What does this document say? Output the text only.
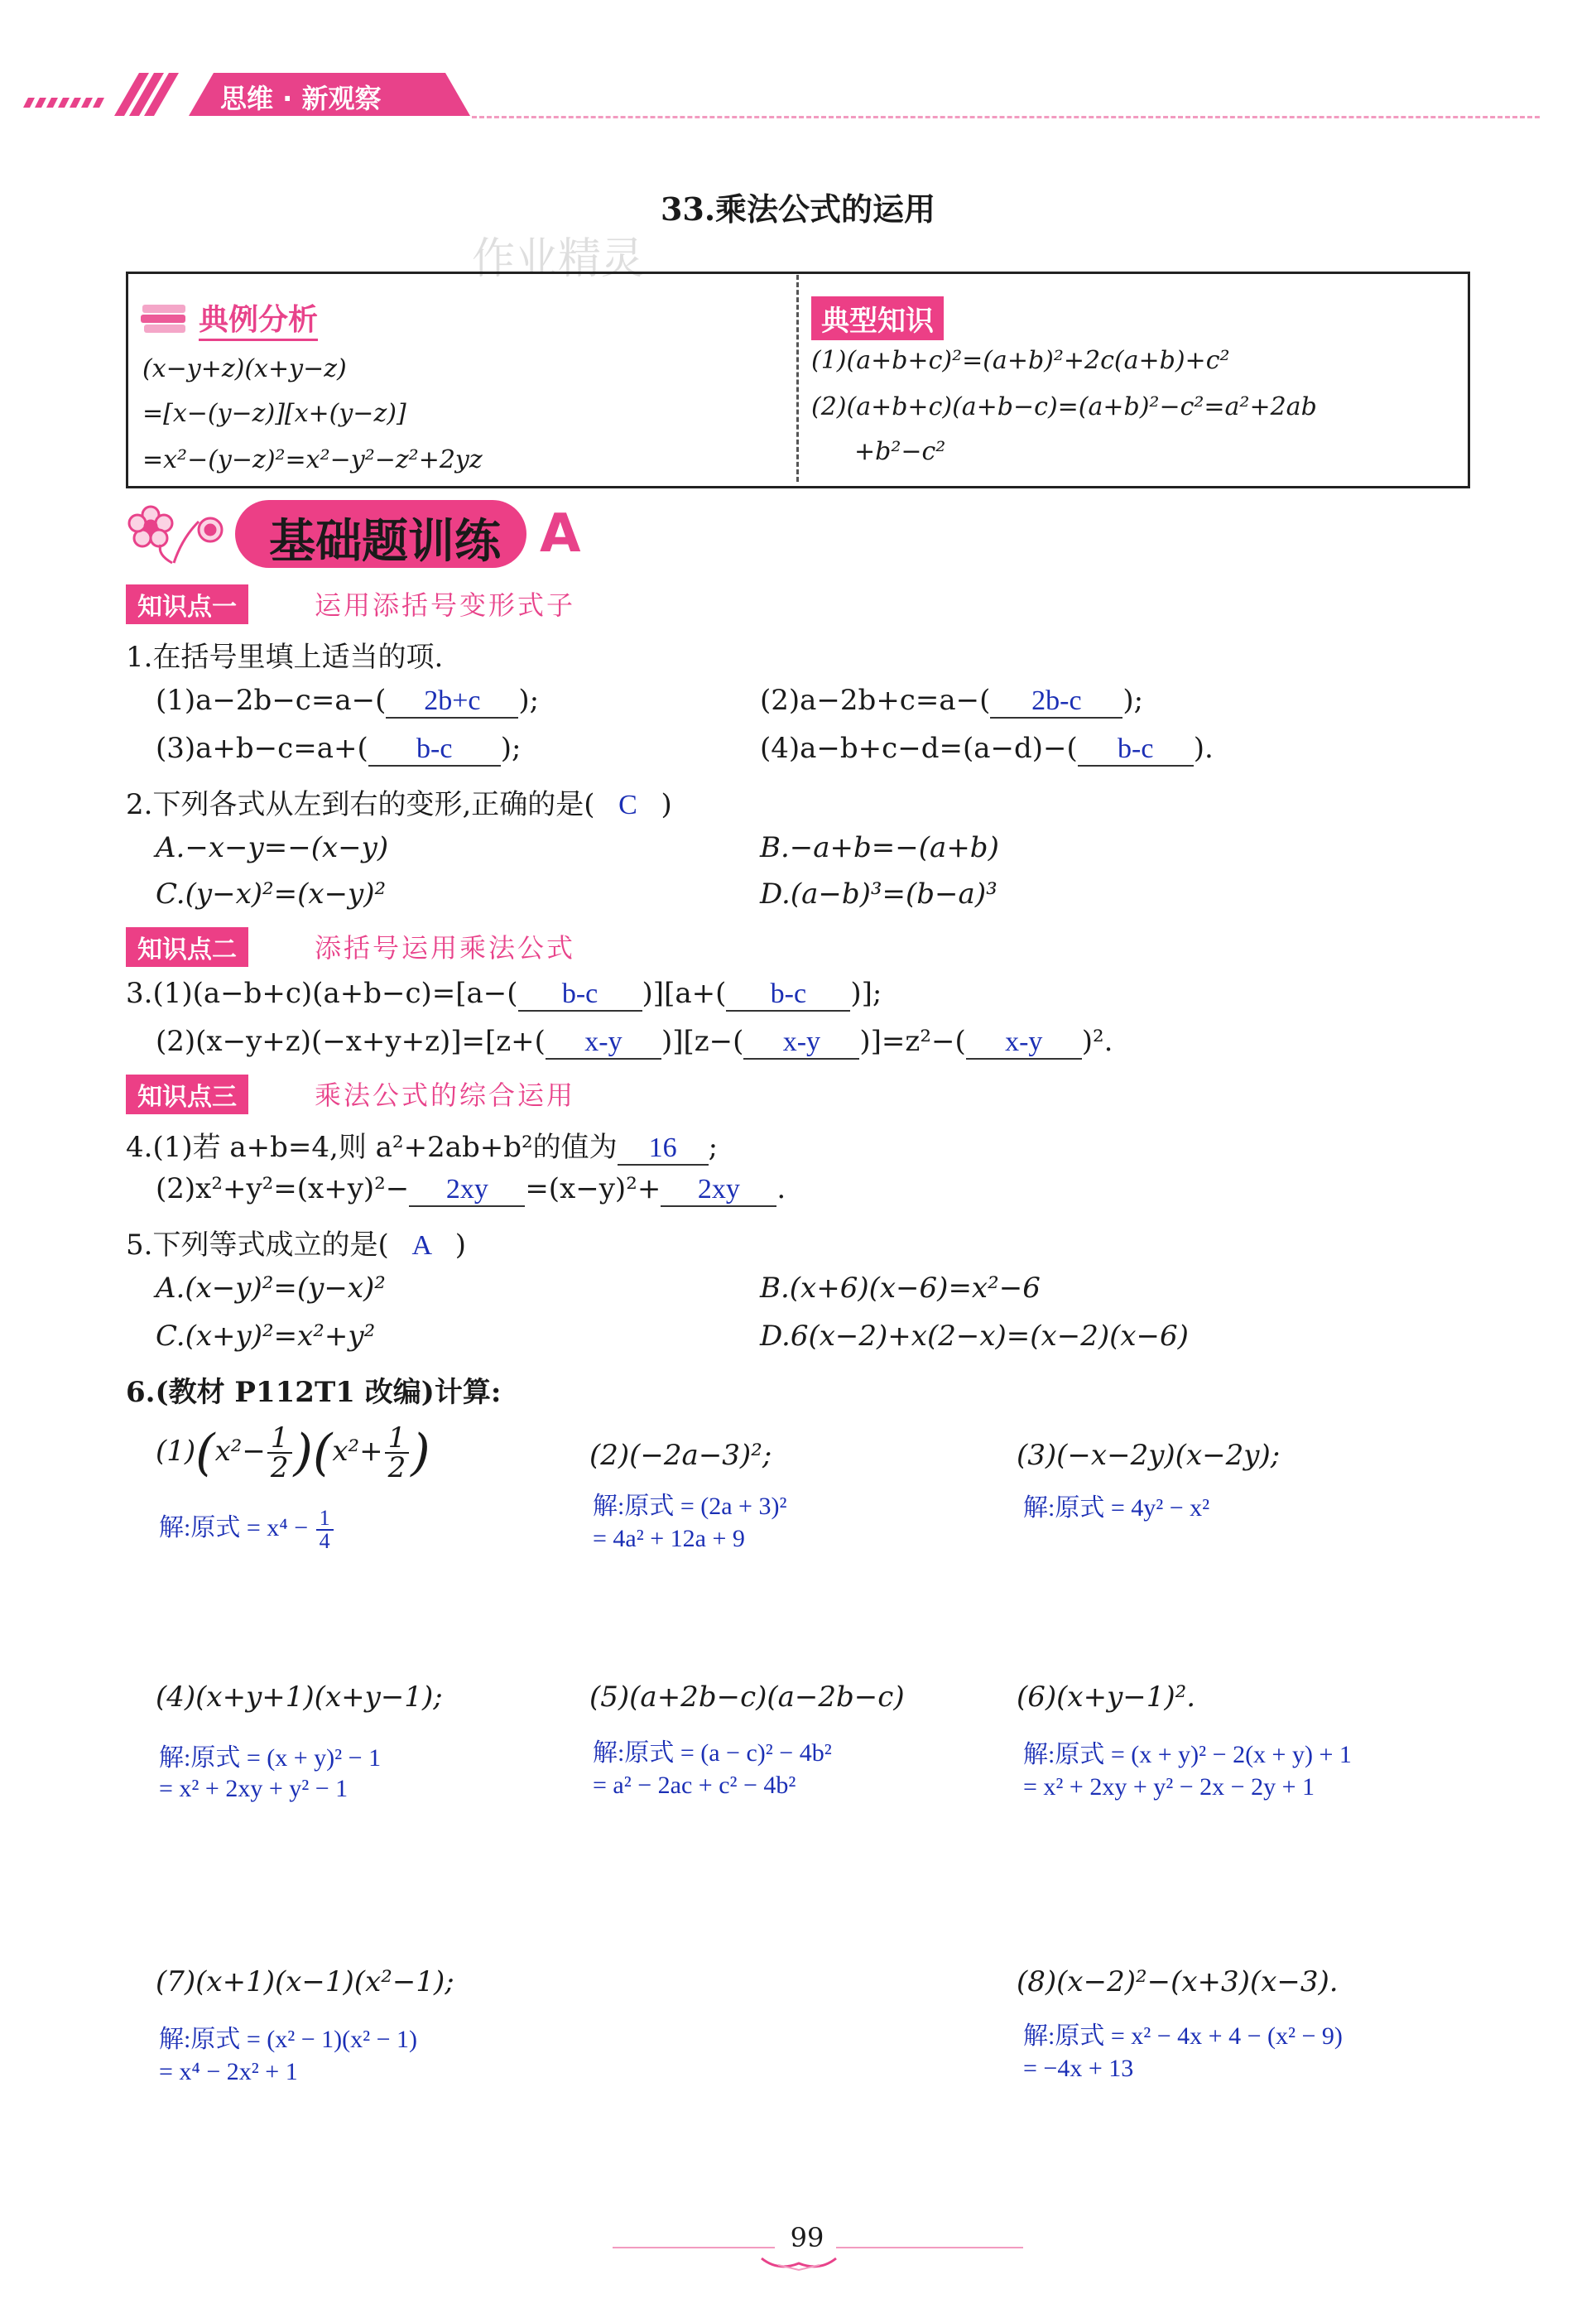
思维 · 新观察
33.乘法公式的运用
作业精灵
典例分析
(x−y+z)(x+y−z)
=[x−(y−z)][x+(y−z)]
=x²−(y−z)²=x²−y²−z²+2yz
典型知识
(1)(a+b+c)²=(a+b)²+2c(a+b)+c²
(2)(a+b+c)(a+b−c)=(a+b)²−c²=a²+2ab
+b²−c²
基础题训练 A
知识点一	运用添括号变形式子
1.在括号里填上适当的项.
(1)a−2b−c=a−( 2b+c );	(2)a−2b+c=a−( 2b-c );
(3)a+b−c=a+( b-c );	(4)a−b+c−d=(a−d)−( b-c ).
2.下列各式从左到右的变形,正确的是( C )
A.−x−y=−(x−y)	B.−a+b=−(a+b)
C.(y−x)²=(x−y)²	D.(a−b)³=(b−a)³
知识点二	添括号运用乘法公式
3.(1)(a−b+c)(a+b−c)=[a−( b-c )][a+( b-c )];
(2)(x−y+z)(−x+y+z)]=[z+( x-y )][z−( x-y )]=z²−( x-y )².
知识点三	乘法公式的综合运用
4.(1)若 a+b=4,则 a²+2ab+b²的值为 16 ;
(2)x²+y²=(x+y)²− 2xy =(x−y)²+ 2xy .
5.下列等式成立的是( A )
A.(x−y)²=(y−x)²	B.(x+6)(x−6)=x²−6
C.(x+y)²=x²+y²	D.6(x−2)+x(2−x)=(x−2)(x−6)
6.(教材 P112T1 改编)计算:
$(1)(x^2- \frac{1}{2} )(x^2+ \frac{1}{2}$ )
解:原式 = $x^4 - \frac{1}{4}$
(2)(−2a−3)²;
解:原式 = (2a + 3)²
= 4a² + 12a + 9
(3)(−x−2y)(x−2y);
解:原式 = 4y² − x²
(4)(x+y+1)(x+y−1);
解:原式 = (x + y)² − 1
= x² + 2xy + y² − 1
(5)(a+2b−c)(a−2b−c)
解:原式 = (a − c)² − 4b²
= a² − 2ac + c² − 4b²
(6)(x+y−1)².
解:原式 = (x + y)² − 2(x + y) + 1
= x² + 2xy + y² − 2x − 2y + 1
(7)(x+1)(x−1)(x²−1);
解:原式 = (x² − 1)(x² − 1)
= x⁴ − 2x² + 1
(8)(x−2)²−(x+3)(x−3).
解:原式 = x² − 4x + 4 − (x² − 9)
= −4x + 13
99
